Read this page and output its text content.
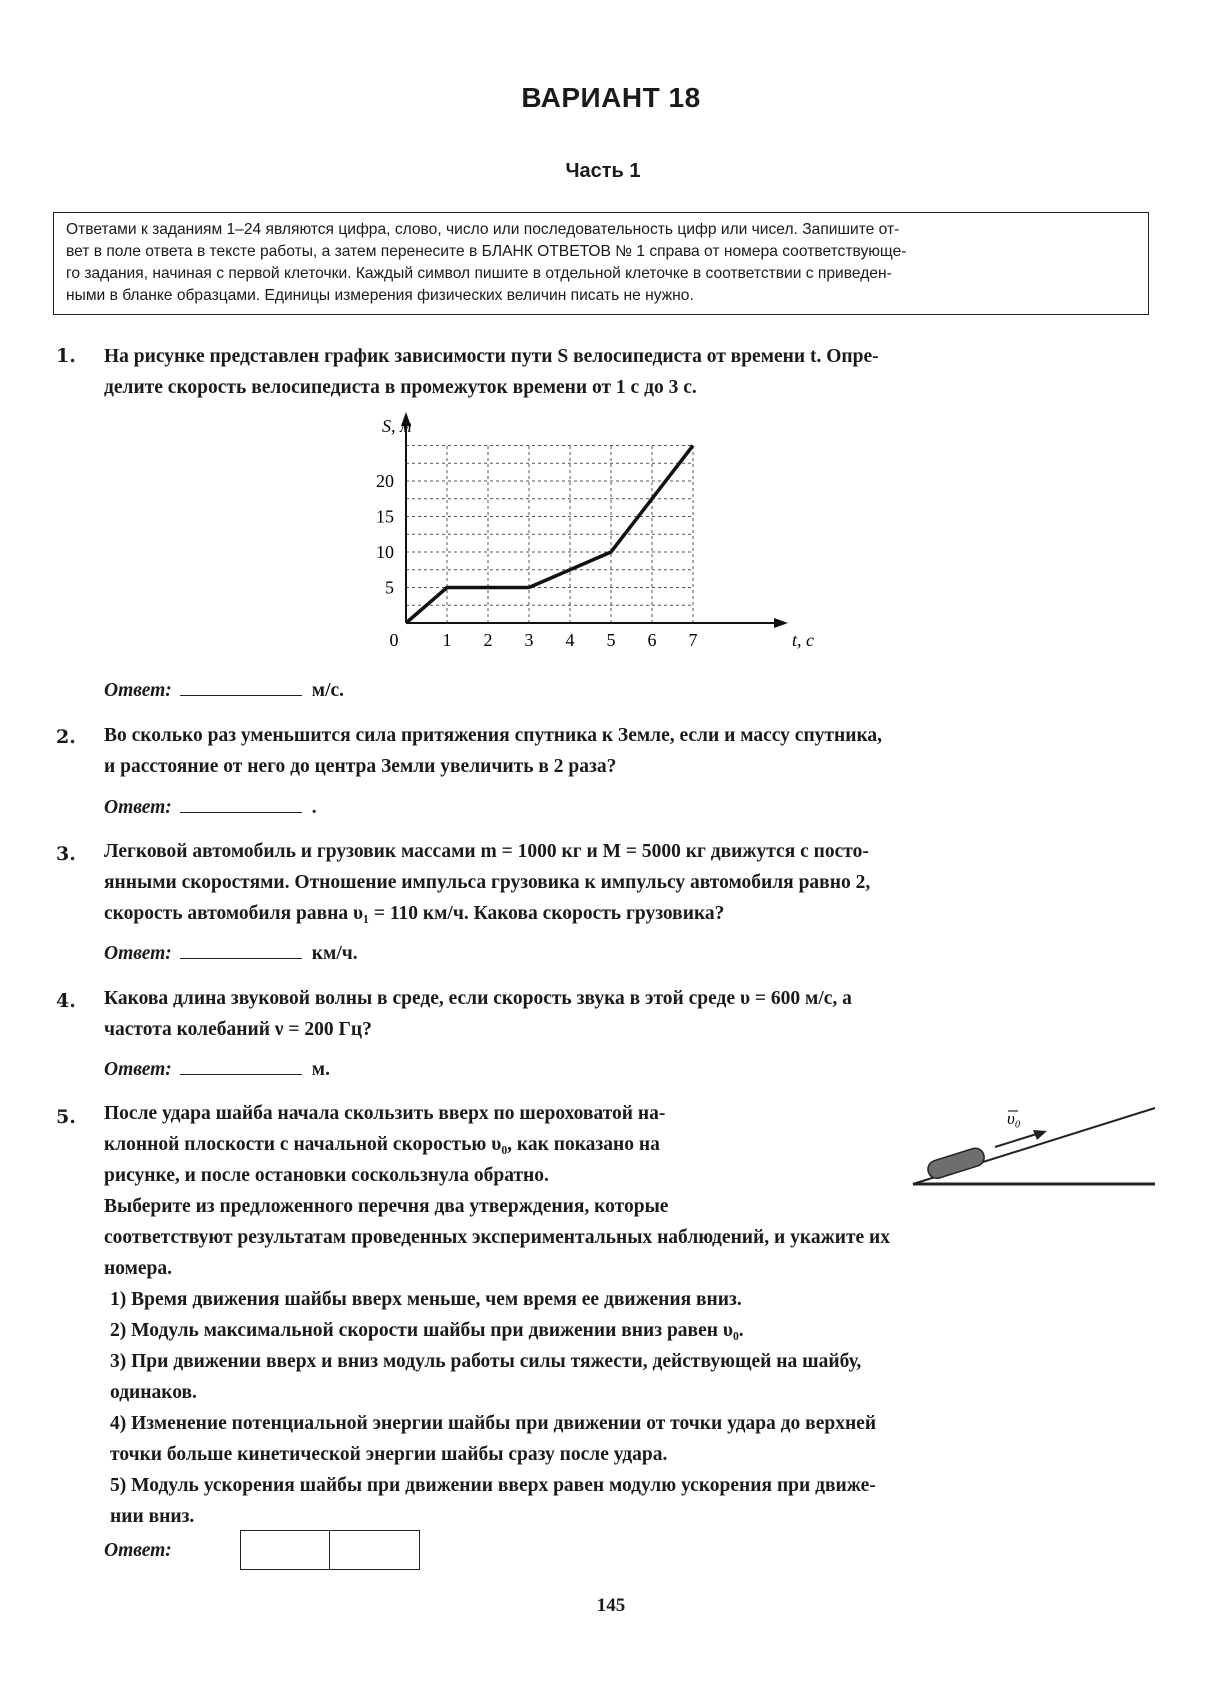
ВАРИАНТ 18
Часть 1

Ответами к заданиям 1–24 являются цифра, слово, число или последовательность цифр или чисел. Запишите от-

вет в поле ответа в тексте работы, а затем перенесите в БЛАНК ОТВЕТОВ № 1 справа от номера соответствующе-

го задания, начиная с первой клеточки. Каждый символ пишите в отдельной клеточке в соответствии с приведен-

ными в бланке образцами. Единицы измерения физических величин писать не нужно.

1. На рисунке представлен график зависимости пути S велосипедиста от времени t. Опре-

делите скорость велосипедиста в промежуток времени от 1 с до 3 с.

0 1 2 3 4 5 6 7
5
10
15
20
S, м
t, с
Ответ:	м/с.
2. Во сколько раз уменьшится сила притяжения спутника к Земле, если и массу спутника,

и расстояние от него до центра Земли увеличить в 2 раза?

Ответ:	.
3. Легковой автомобиль и грузовик массами m = 1000 кг и M = 5000 кг движутся с посто-

янными скоростями. Отношение импульса грузовика к импульсу автомобиля равно 2,

скорость автомобиля равна υ₁ = 110 км/ч. Какова скорость грузовика?

Ответ:	км/ч.
4. Какова длина звуковой волны в среде, если скорость звука в этой среде υ = 600 м/с, а

частота колебаний ν = 200 Гц?

Ответ:	м.
5. После удара шайба начала скользить вверх по шероховатой на-

клонной плоскости с начальной скоростью υ₀, как показано на

рисунке, и после остановки соскользнула обратно.

Выберите из предложенного перечня два утверждения, которые

соответствуют результатам проведенных экспериментальных наблюдений, и укажите их

номера.

υ₀

1) Время движения шайбы вверх меньше, чем время ее движения вниз.

2) Модуль максимальной скорости шайбы при движении вниз равен υ₀.

3) При движении вверх и вниз модуль работы силы тяжести, действующей на шайбу,

одинаков.

4) Изменение потенциальной энергии шайбы при движении от точки удара до верхней

точки больше кинетической энергии шайбы сразу после удара.

5) Модуль ускорения шайбы при движении вверх равен модулю ускорения при движе-

нии вниз.

Ответ:
145
